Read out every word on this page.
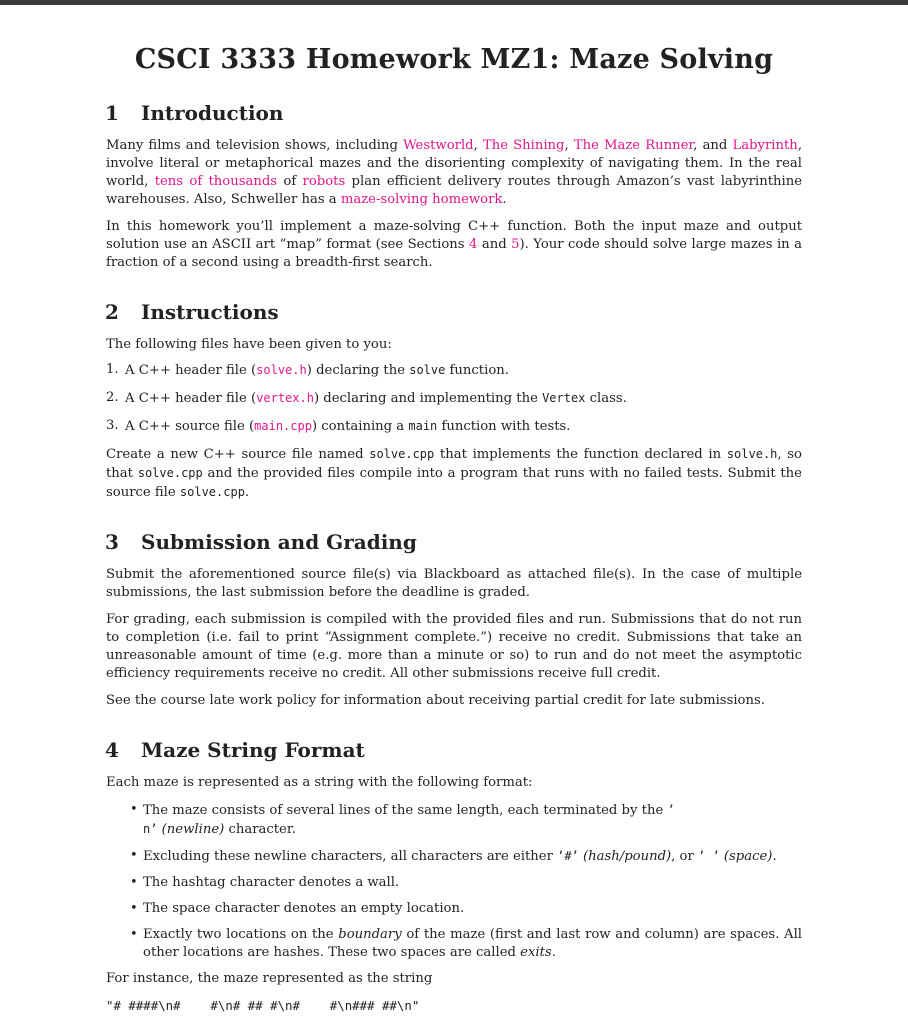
CSCI 3333 Homework MZ1: Maze Solving
1 Introduction

Many films and television shows, including Westworld, The Shining, The Maze Runner, and Labyrinth, involve literal or metaphorical mazes and the disorienting complexity of navigating them. In the real world, tens of thousands of robots plan efficient delivery routes through Amazon’s vast labyrinthine warehouses. Also, Schweller has a maze-solving homework.

In this homework you’ll implement a maze-solving C++ function. Both the input maze and output solution use an ASCII art “map” format (see Sections 4 and 5). Your code should solve large mazes in a fraction of a second using a breadth-first search.

2 Instructions

The following files have been given to you:

1. A C++ header file (solve.h) declaring the solve function.
2. A C++ header file (vertex.h) declaring and implementing the Vertex class.
3. A C++ source file (main.cpp) containing a main function with tests.

Create a new C++ source file named solve.cpp that implements the function declared in solve.h, so that solve.cpp and the provided files compile into a program that runs with no failed tests. Submit the source file solve.cpp.

3 Submission and Grading

Submit the aforementioned source file(s) via Blackboard as attached file(s). In the case of multiple submissions, the last submission before the deadline is graded.

For grading, each submission is compiled with the provided files and run. Submissions that do not run to completion (i.e. fail to print “Assignment complete.”) receive no credit. Submissions that take an unreasonable amount of time (e.g. more than a minute or so) to run and do not meet the asymptotic efficiency requirements receive no credit. All other submissions receive full credit.

See the course late work policy for information about receiving partial credit for late submissions.

4 Maze String Format

Each maze is represented as a string with the following format:

• The maze consists of several lines of the same length, each terminated by the ’
n’ (newline) character.
• Excluding these newline characters, all characters are either ’#’ (hash/pound), or ’ ’ (space).
• The hashtag character denotes a wall.
• The space character denotes an empty location.
• Exactly two locations on the boundary of the maze (first and last row and column) are spaces. All other locations are hashes. These two spaces are called exits.

For instance, the maze represented as the string

"# ####\n#    #\n# ## #\n#    #\n### ##\n"
